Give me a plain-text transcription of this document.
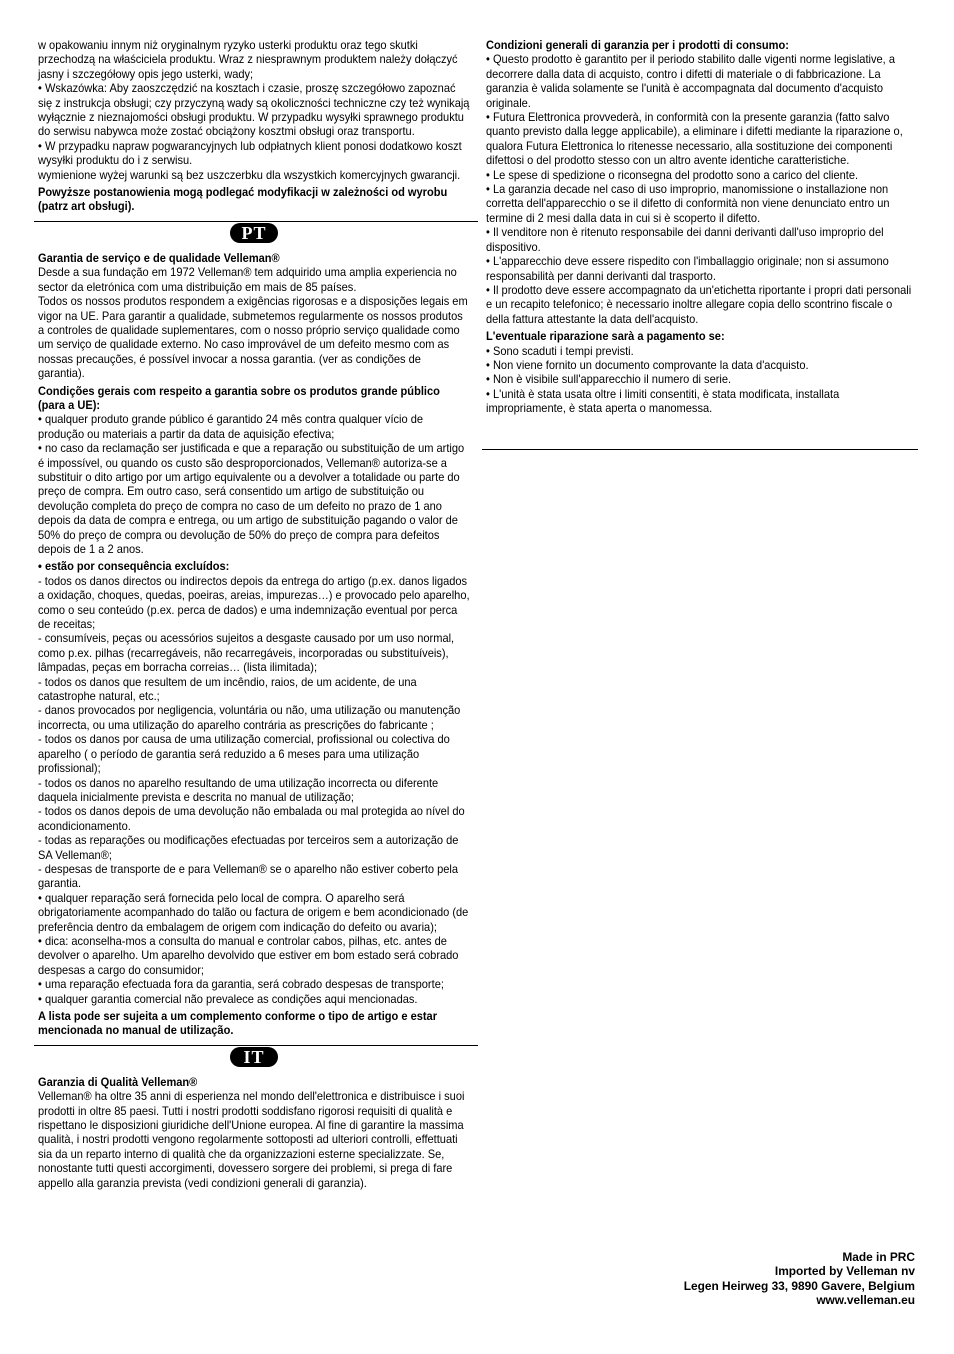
w opakowaniu innym niż oryginalnym ryzyko usterki produktu oraz tego skutki przechodzą na właściciela produktu. Wraz z niesprawnym produktem należy dołączyć jasny i szczegółowy opis jego usterki, wady;

• Wskazówka: Aby zaoszczędzić na kosztach i czasie, proszę szczegółowo zapoznać się z instrukcja obsługi; czy przyczyną wady są okoliczności techniczne czy też wynikają wyłącznie z nieznajomości obsługi produktu. W przypadku wysyłki sprawnego produktu do serwisu nabywca może zostać obciążony kosztmi obsługi oraz transportu.

• W przypadku napraw pogwarancyjnych lub odpłatnych klient ponosi dodatkowo koszt wysyłki produktu do i z serwisu.

wymienione wyżej warunki są bez uszczerbku dla wszystkich komercyjnych gwarancji.

Powyższe postanowienia mogą podlegać modyfikacji w zależności od wyrobu (patrz art obsługi).

PT

Garantia de serviço e de qualidade Velleman®

Desde a sua fundação em 1972 Velleman® tem adquirido uma amplia experiencia no sector da eletrónica com uma distribuição em mais de 85 países.

Todos os nossos produtos respondem a exigências rigorosas e a disposições legais em vigor na UE. Para garantir a qualidade, submetemos regularmente os nossos produtos a controles de qualidade suplementares, com o nosso próprio serviço qualidade como um serviço de qualidade externo. No caso improvável de um defeito mesmo com as nossas precauções, é possível invocar a nossa garantia. (ver as condições de garantia).

Condições gerais com respeito a garantia sobre os produtos grande público (para a UE):

• qualquer produto grande público é garantido 24 mês contra qualquer vício de produção ou materiais a partir da data de aquisição efectiva;

• no caso da reclamação ser justificada e que a reparação ou substituição de um artigo é impossível, ou quando os custo são desproporcionados, Velleman® autoriza-se a substituir o dito artigo por um artigo equivalente ou a devolver a totalidade ou parte do preço de compra. Em outro caso, será consentido um artigo de substituição ou devolução completa do preço de compra no caso de um defeito no prazo de 1 ano depois da data de compra e entrega, ou um artigo de substituição pagando o valor de 50% do preço de compra ou devolução de 50% do preço de compra para defeitos depois de 1 a 2 anos.

• estão por consequência excluídos:

- todos os danos directos ou indirectos depois da entrega do artigo (p.ex. danos ligados a oxidação, choques, quedas, poeiras, areias, impurezas…) e provocado pelo aparelho, como o seu conteúdo (p.ex. perca de dados) e uma indemnização eventual por perca de receitas;

- consumíveis, peças ou acessórios sujeitos a desgaste causado por um uso normal, como p.ex. pilhas (recarregáveis, não recarregáveis, incorporadas ou substituíveis), lâmpadas, peças em borracha correias… (lista ilimitada);

- todos os danos que resultem de um incêndio, raios, de um acidente, de una catastrophe natural, etc.;

- danos provocados por negligencia, voluntária ou não, uma utilização ou manutenção incorrecta, ou uma utilização do aparelho contrária as prescrições do fabricante ;

- todos os danos por causa de uma utilização comercial, profissional ou colectiva do aparelho ( o período de garantia será reduzido a 6 meses para uma utilização profissional);

- todos os danos no aparelho resultando de uma utilização incorrecta ou diferente daquela inicialmente prevista e descrita no manual de utilização;

- todos os danos depois de uma devolução não embalada ou mal protegida ao nível do acondicionamento.

- todas as reparações ou modificações efectuadas por terceiros sem a autorização de SA Velleman®;

- despesas de transporte de e para Velleman® se o aparelho não estiver coberto pela garantia.

• qualquer reparação será fornecida pelo local de compra. O aparelho será obrigatoriamente acompanhado do talão ou factura de origem e bem acondicionado (de preferência dentro da embalagem de origem com indicação do defeito ou avaria);

• dica: aconselha-mos a consulta do manual e controlar cabos, pilhas, etc. antes de devolver o aparelho. Um aparelho devolvido que estiver em bom estado será cobrado despesas a cargo do consumidor;

• uma reparação efectuada fora da garantia, será cobrado despesas de transporte;

• qualquer garantia comercial não prevalece as condições aqui mencionadas.

A lista pode ser sujeita a um complemento conforme o tipo de artigo e estar mencionada no manual de utilização.

IT

Garanzia di Qualità Velleman®

Velleman® ha oltre 35 anni di esperienza nel mondo dell'elettronica e distribuisce i suoi prodotti in oltre 85 paesi. Tutti i nostri prodotti soddisfano rigorosi requisiti di qualità e rispettano le disposizioni giuridiche dell'Unione europea. Al fine di garantire la massima qualità, i nostri prodotti vengono regolarmente sottoposti ad ulteriori controlli, effettuati sia da un reparto interno di qualità che da organizzazioni esterne specializzate. Se, nonostante tutti questi accorgimenti, dovessero sorgere dei problemi, si prega di fare appello alla garanzia prevista (vedi condizioni generali di garanzia).

Condizioni generali di garanzia per i prodotti di consumo:

• Questo prodotto è garantito per il periodo stabilito dalle vigenti norme legislative, a decorrere dalla data di acquisto, contro i difetti di materiale o di fabbricazione. La garanzia è valida solamente se l'unità è accompagnata dal documento d'acquisto originale.

• Futura Elettronica provvederà, in conformità con la presente garanzia (fatto salvo quanto previsto dalla legge applicabile), a eliminare i difetti mediante la riparazione o, qualora Futura Elettronica lo ritenesse necessario, alla sostituzione dei componenti difettosi o del prodotto stesso con un altro avente identiche caratteristiche.

• Le spese di spedizione o riconsegna del prodotto sono a carico del cliente.

• La garanzia decade nel caso di uso improprio, manomissione o installazione non corretta dell'apparecchio o se il difetto di conformità non viene denunciato entro un termine di 2 mesi dalla data in cui si è scoperto il difetto.

• Il venditore non è ritenuto responsabile dei danni derivanti dall'uso improprio del dispositivo.

• L'apparecchio deve essere rispedito con l'imballaggio originale; non si assumono responsabilità per danni derivanti dal trasporto.

• Il prodotto deve essere accompagnato da un'etichetta riportante i propri dati personali e un recapito telefonico; è necessario inoltre allegare copia dello scontrino fiscale o della fattura attestante la data dell'acquisto.

L'eventuale riparazione sarà a pagamento se:

• Sono scaduti i tempi previsti.

• Non viene fornito un documento comprovante la data d'acquisto.

• Non è visibile sull'apparecchio il numero di serie.

• L'unità è stata usata oltre i limiti consentiti, è stata modificata, installata impropriamente, è stata aperta o manomessa.

Made in PRC
Imported by Velleman nv
Legen Heirweg 33, 9890 Gavere, Belgium
www.velleman.eu
